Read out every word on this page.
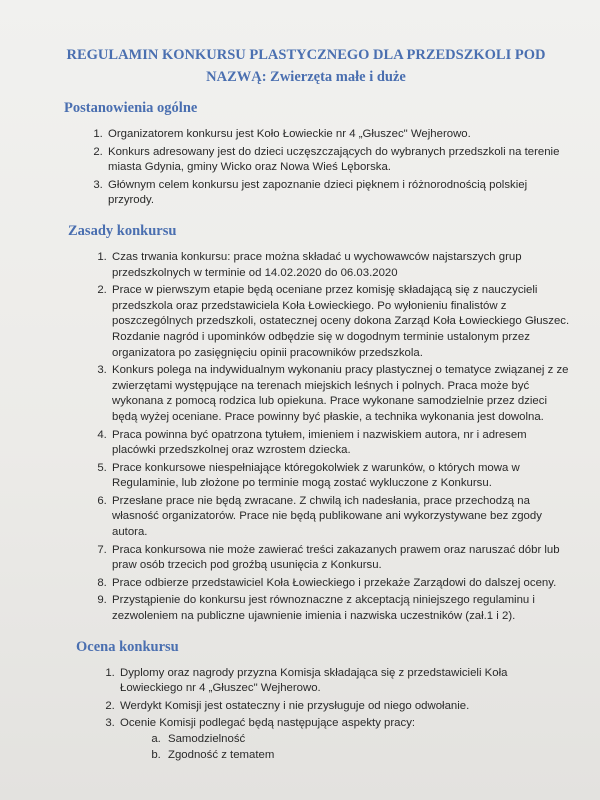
REGULAMIN KONKURSU PLASTYCZNEGO DLA PRZEDSZKOLI POD
NAZWĄ: Zwierzęta małe i duże
Postanowienia ogólne
1. Organizatorem konkursu jest Koło Łowieckie nr 4 „Głuszec" Wejherowo.
2. Konkurs adresowany jest do dzieci uczęszczających do wybranych przedszkoli na terenie miasta Gdynia, gminy Wicko oraz Nowa Wieś Lęborska.
3. Głównym celem konkursu jest zapoznanie dzieci pięknem i różnorodnością polskiej przyrody.
Zasady konkursu
1. Czas trwania konkursu: prace można składać u wychowawców najstarszych grup przedszkolnych w terminie od 14.02.2020 do 06.03.2020
2. Prace w pierwszym etapie będą oceniane przez komisję składającą się z nauczycieli przedszkola oraz przedstawiciela Koła Łowieckiego. Po wyłonieniu finalistów z poszczególnych przedszkoli, ostatecznej oceny dokona Zarząd Koła Łowieckiego Głuszec. Rozdanie nagród i upominków odbędzie się w dogodnym terminie ustalonym przez organizatora po zasięgnięciu opinii pracowników przedszkola.
3. Konkurs polega na indywidualnym wykonaniu pracy plastycznej o tematyce związanej z ze zwierzętami występujące na terenach miejskich leśnych i polnych. Praca może być wykonana z pomocą rodzica lub opiekuna. Prace wykonane samodzielnie przez dzieci będą wyżej oceniane. Prace powinny być płaskie, a technika wykonania jest dowolna.
4. Praca powinna być opatrzona tytułem, imieniem i nazwiskiem autora, nr i adresem placówki przedszkolnej oraz wzrostem dziecka.
5. Prace konkursowe niespełniające któregokolwiek z warunków, o których mowa w Regulaminie, lub złożone po terminie mogą zostać wykluczone z Konkursu.
6. Przesłane prace nie będą zwracane. Z chwilą ich nadesłania, prace przechodzą na własność organizatorów. Prace nie będą publikowane ani wykorzystywane bez zgody autora.
7. Praca konkursowa nie może zawierać treści zakazanych prawem oraz naruszać dóbr lub praw osób trzecich pod groźbą usunięcia z Konkursu.
8. Prace odbierze przedstawiciel Koła Łowieckiego i przekaże Zarządowi do dalszej oceny.
9. Przystąpienie do konkursu jest równoznaczne z akceptacją niniejszego regulaminu i zezwoleniem na publiczne ujawnienie imienia i nazwiska uczestników (zał.1 i 2).
Ocena konkursu
1. Dyplomy oraz nagrody przyzna Komisja składająca się z przedstawicieli Koła Łowieckiego nr 4 „Głuszec" Wejherowo.
2. Werdykt Komisji jest ostateczny i nie przysługuje od niego odwołanie.
3. Ocenie Komisji podlegać będą następujące aspekty pracy:
a. Samodzielność
b. Zgodność z tematem
